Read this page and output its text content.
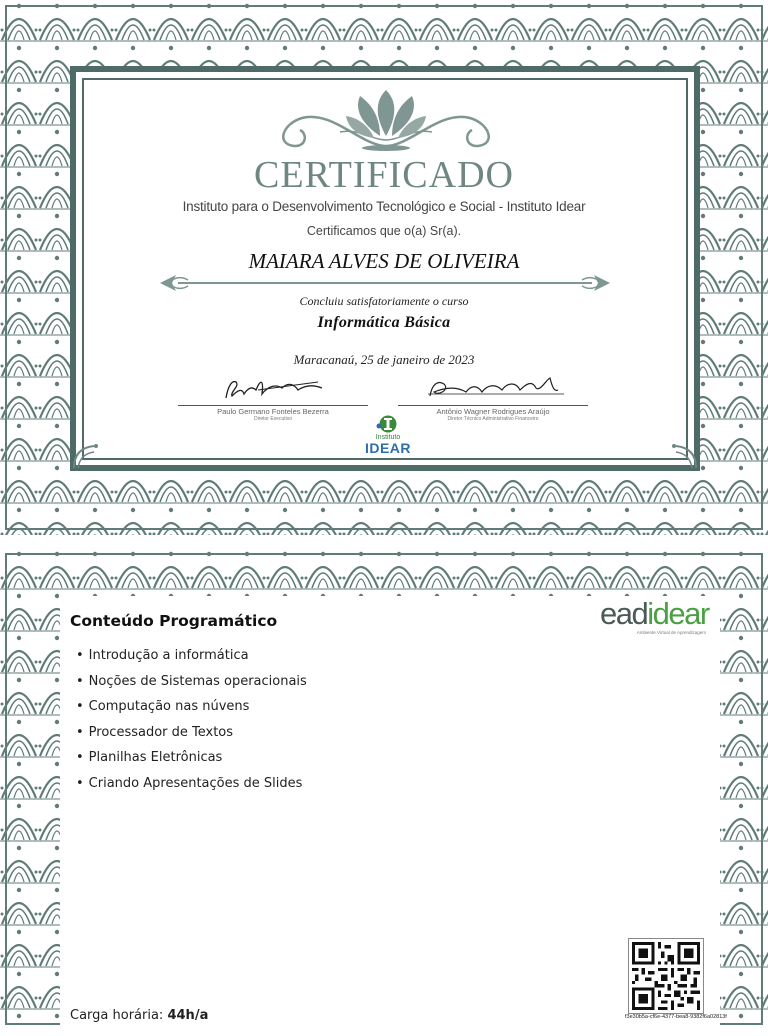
CERTIFICADO
Instituto para o Desenvolvimento Tecnológico e Social - Instituto Idear
Certificamos que o(a) Sr(a).
MAIARA ALVES DE OLIVEIRA
Concluiu satisfatoriamente o curso
Informática Básica
Maracanaú, 25 de janeiro de 2023
Paulo Germano Fonteles Bezerra
Diretor Executivo
Antônio Wagner Rodrigues Araújo
Diretor Técnico Administrativo Financeiro
Instituto
IDEAR
Conteúdo Programático
• Introdução a informática
• Noções de Sistemas operacionais
• Computação nas núvens
• Processador de Textos
• Planilhas Eletrônicas
• Criando Apresentações de Slides
eadidear
Ambiente Virtual de Aprendizagem
Carga horária: 44h/a	f3e30b5a-cf6e-4377-bea8-9382f6a02813f
